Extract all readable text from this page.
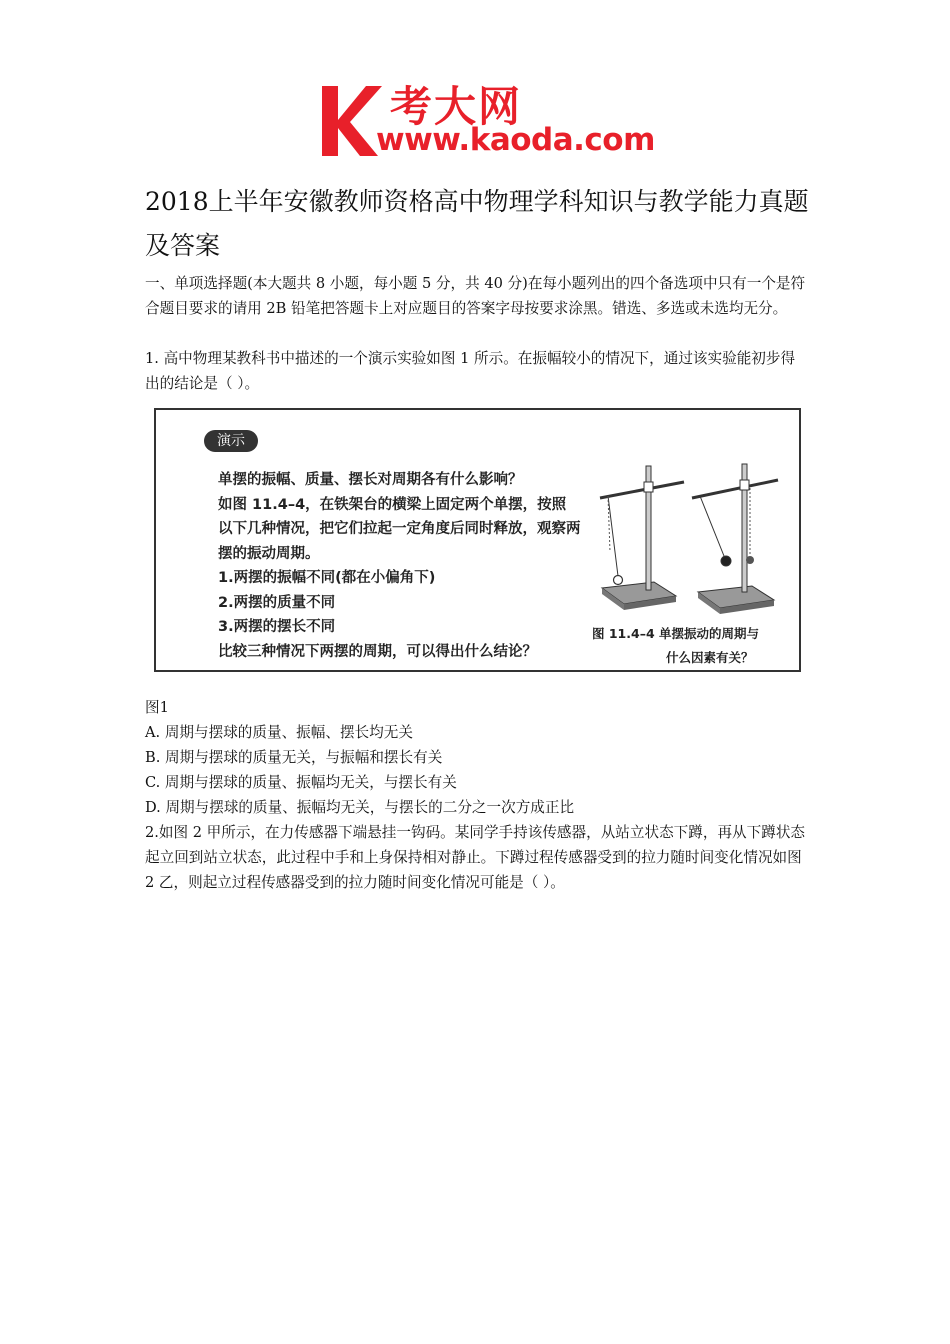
考大网
www.kaoda.com
2018上半年安徽教师资格高中物理学科知识与教学能力真题及答案
一、单项选择题(本大题共 8 小题，每小题 5 分，共 40 分)在每小题列出的四个备选项中只有一个是符合题目要求的请用 2B 铅笔把答题卡上对应题目的答案字母按要求涂黑。错选、多选或未选均无分。
1. 高中物理某教科书中描述的一个演示实验如图 1 所示。在振幅较小的情况下，通过该实验能初步得出的结论是（ ）。
演示
单摆的振幅、质量、摆长对周期各有什么影响？
如图 11.4–4，在铁架台的横梁上固定两个单摆，按照
以下几种情况，把它们拉起一定角度后同时释放，观察两
摆的振动周期。
1.两摆的振幅不同(都在小偏角下)
2.两摆的质量不同
3.两摆的摆长不同
比较三种情况下两摆的周期，可以得出什么结论？
图 11.4–4 单摆振动的周期与
什么因素有关？
图1
A. 周期与摆球的质量、振幅、摆长均无关
B. 周期与摆球的质量无关，与振幅和摆长有关
C. 周期与摆球的质量、振幅均无关，与摆长有关
D. 周期与摆球的质量、振幅均无关，与摆长的二分之一次方成正比
2.如图 2 甲所示，在力传感器下端悬挂一钩码。某同学手持该传感器，从站立状态下蹲，再从下蹲状态起立回到站立状态，此过程中手和上身保持相对静止。下蹲过程传感器受到的拉力随时间变化情况如图 2 乙，则起立过程传感器受到的拉力随时间变化情况可能是（ ）。
